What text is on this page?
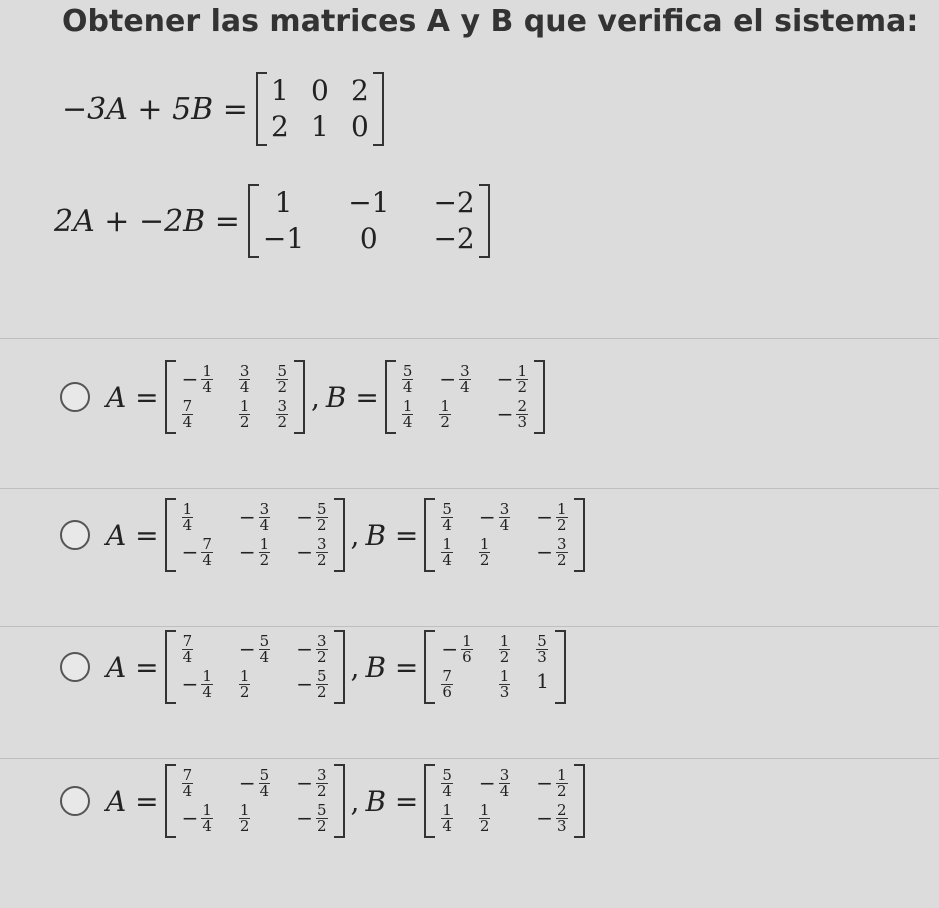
Obtener las matrices A y B que verifica el sistema:
−3A + 5B =
1 0 2
2 1 0
2A + −2B =
1	−1 −2
−1	0	−2
A =
− $\frac{1}{4} \frac{3}{4} \frac{5}{2}$
$\frac{7}{4}$	$\frac{1}{2} \frac{3}{2}$
, B =
$\frac{5}{4} - \frac{3}{4} - \frac{1}{2}$
$\frac{1}{4} \frac{1}{2} - \frac{2}{3}$
A =
$\frac{1}{4} - \frac{3}{4} - \frac{5}{2}$
− $\frac{7}{4} - \frac{1}{2} - \frac{3}{2}$
, B =
$\frac{5}{4} - \frac{3}{4} - \frac{1}{2}$
$\frac{1}{4} \frac{1}{2} - \frac{3}{2}$
A =
$\frac{7}{4} - \frac{5}{4} - \frac{3}{2}$
− $\frac{1}{4} \frac{1}{2} - \frac{5}{2}$
, B =
− $\frac{1}{6} \frac{1}{2} \frac{5}{3}$
$\frac{7}{6}$	$\frac{1}{3} 1$
A =
$\frac{7}{4} - \frac{5}{4} - \frac{3}{2}$
− $\frac{1}{4} \frac{1}{2} - \frac{5}{2}$
, B =
$\frac{5}{4} - \frac{3}{4} - \frac{1}{2}$
$\frac{1}{4} \frac{1}{2} - \frac{2}{3}$
